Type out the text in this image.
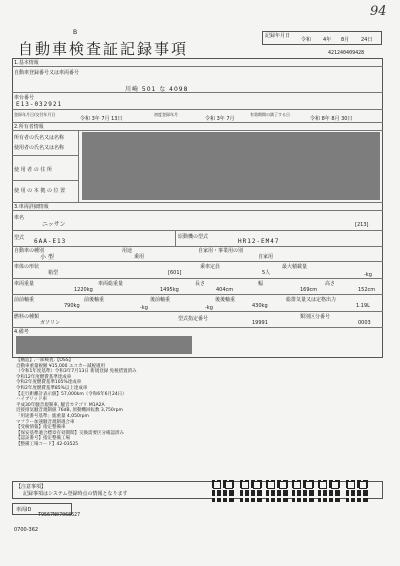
94
B
自動車検査証記録事項
記録年月日
令和 4年 8月 24日
421240409428
1.基本情報
自動車登録番号又は車両番号
川崎 501 な 4098
車台番号
E13-032921
登録年月日/交付年月日
令和 3年 7月 13日
初度登録年月
令和 3年 7月
有効期間の満了する日
令和 8年 8月 30日
2.所有者情報
所有者の氏名又は名称
使用者の氏名又は名称
使 用 者 の 住 所
使 用 の 本 拠 の 位 置
3.車両詳細情報
車名
ニッサン	[213]
型式 6AA-E13
原動機の型式
HR12-EM47
自動車の種別
小 型
用途
乗用
自家用・事業用の別
自家用
車体の形状
箱型	[601]
乗車定員
5人
最大積載量
-kg
車両重量
1220kg
車両総重量
1495kg
長さ
404cm
幅
169cm
高さ
152cm
前前軸重
790kg
前後軸重
-kg
後前軸重
-kg
後後軸重
430kg
総排気量又は定格出力
1.19L
燃料の種類
ガソリン
型式指定番号
19991
類別区分番号
0003
4.備考
【構造】,一部検査,【OSS】
自動車重量税額 ¥15,000 エコカー減税適用
（令和1年度基準）令和3年7月13日 新規登録 免税措置済み
令和12年度燃費基準達成車
令和2年度燃費基準105%達成車
令和2年度燃費基準85%以上達成車
【走行距離計表示値】57,000km（令和6年6月24日）
ハイブリッド車
平成30年騒音規制車, 騒音カテゴリ M1A2A
近接排気騒音規制値 76dB, 原動機回転数 3,750rpm
「用途番号基準」総重量 4,050rpm
マフラー加速騒音規制適合車
【受検情報】指定整備車
【保安基準適合標章有効期間】交換需要区分確認済み
【認証番号】指定整備工場
【整備工場コード】42-03525
【注意事項】
記録事項はシステム登録時点の情報となります
車両ID
T9567N07068627
0700-362
